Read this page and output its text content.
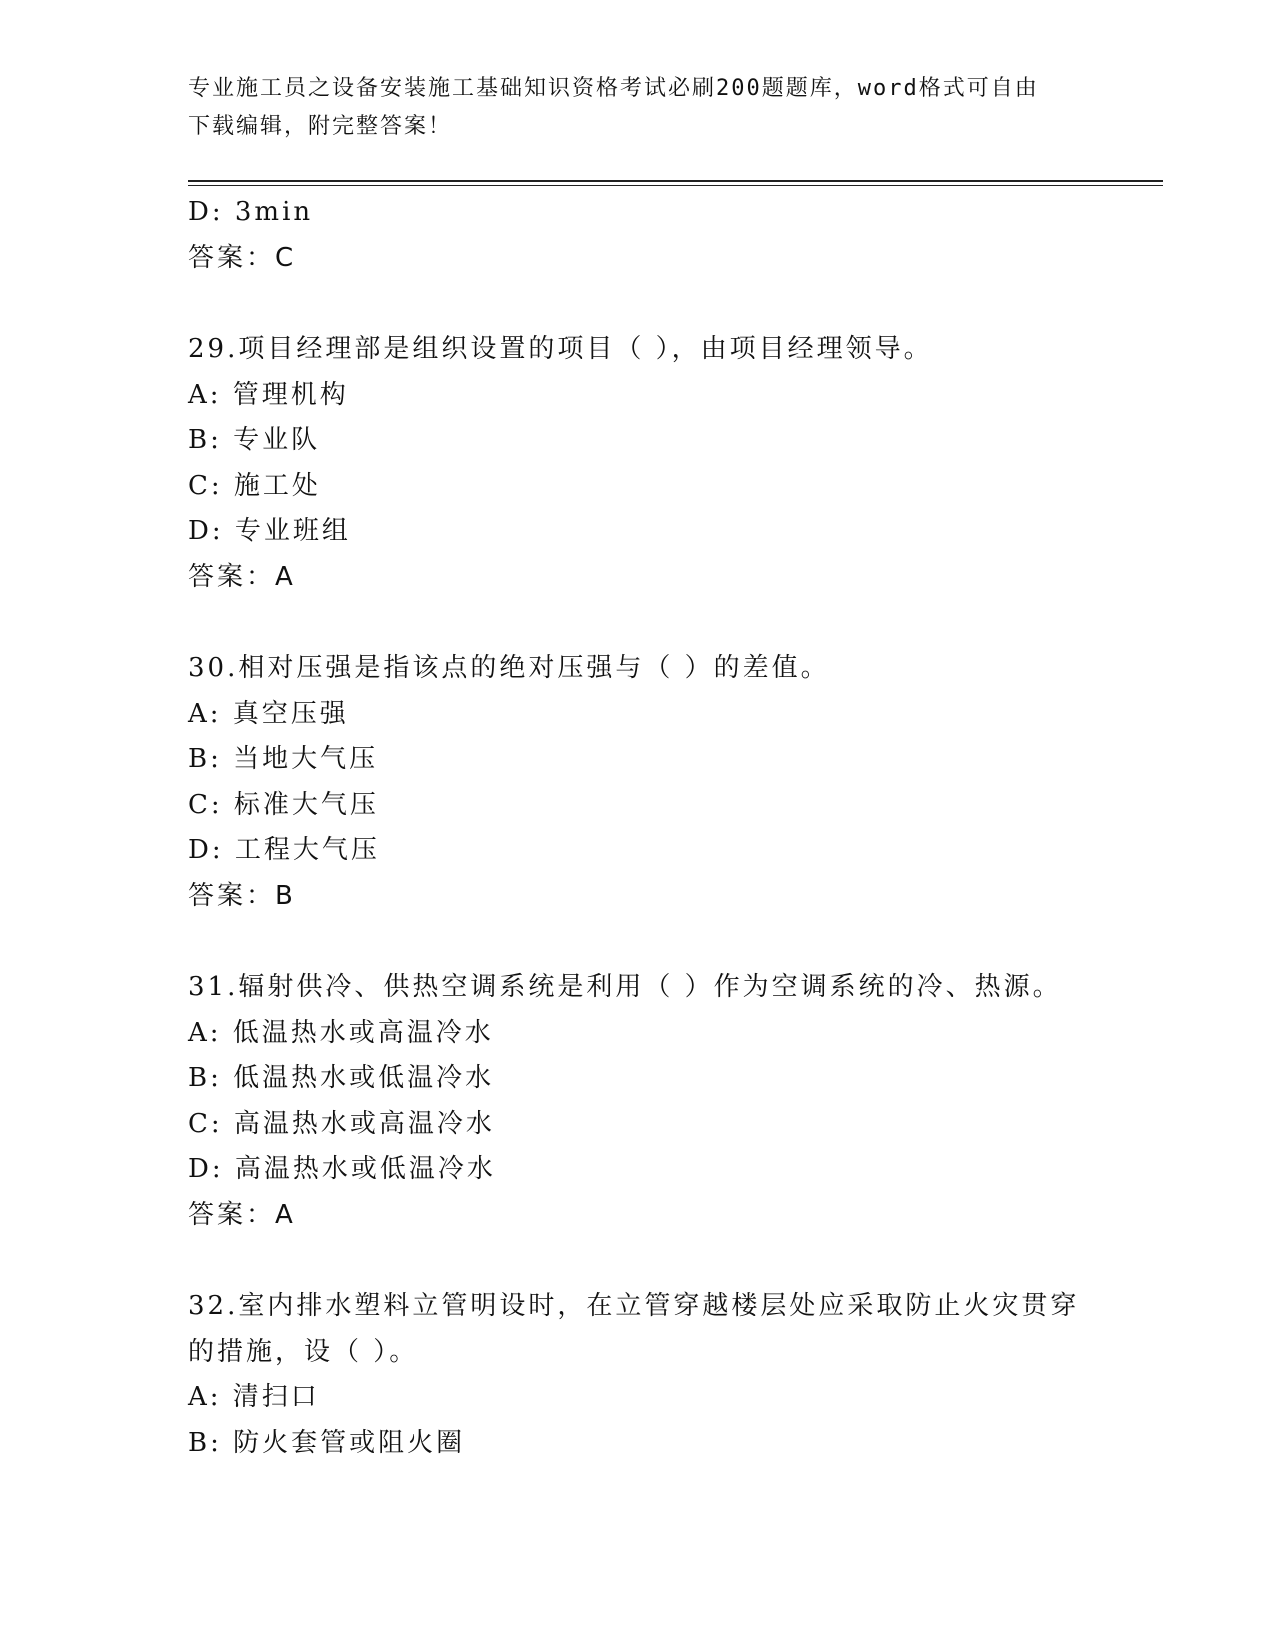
专业施工员之设备安装施工基础知识资格考试必刷200题题库，word格式可自由
下载编辑，附完整答案！
D: 3min
答案：C
29.项目经理部是组织设置的项目（ ），由项目经理领导。
A: 管理机构
B: 专业队
C: 施工处
D: 专业班组
答案：A
30.相对压强是指该点的绝对压强与（ ）的差值。
A: 真空压强
B: 当地大气压
C: 标准大气压
D: 工程大气压
答案：B
31.辐射供冷、供热空调系统是利用（ ）作为空调系统的冷、热源。
A: 低温热水或高温冷水
B: 低温热水或低温冷水
C: 高温热水或高温冷水
D: 高温热水或低温冷水
答案：A
32.室内排水塑料立管明设时，在立管穿越楼层处应采取防止火灾贯穿
的措施，设（ ）。
A: 清扫口
B: 防火套管或阻火圈
